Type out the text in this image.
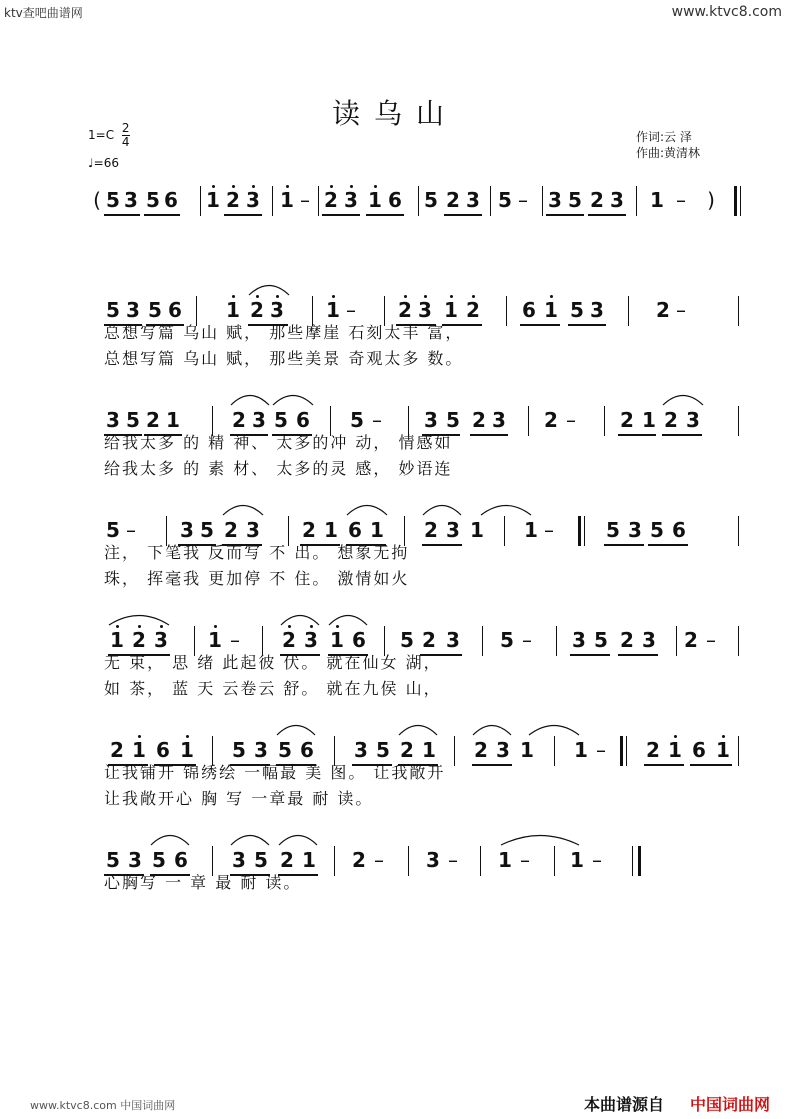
ktv查吧曲谱网	www.ktvc8.com
读乌山
$1=C \frac{2}{4}$
♩=66
作词:云 泽
作曲:黄清林
( 5 3 5 6 1 2 3 1 – 2 3 1 6 5 2 3 5 – 3 5 2 3 1 – )
5 3 5 6 1 2 3 1 – 2 3 1 2 6 1 5 3	2 –
3 5 2 1	2 3 5 6 5 – 3 5 2 3 2 – 2 1 2 3
5 – 3 5 2 3 2 1 6 1 2 3 1 1 –	5 3 5 6
1 2 3 1 – 2 3 1 6 5 2 3 5 – 3 5 2 3 2 –
2 1 6 1 5 3 5 6 3 5 2 1 2 3 1 1 – 2 1 6 1
5 3 5 6 3 5 2 1 2 – 3 – 1 – 1 –
总想写篇 乌山 赋， 那些摩崖 石刻太丰 富，
总想写篇 乌山 赋， 那些美景 奇观太多 数。
给我太多 的 精 神、 太多的冲 动， 情感如
给我太多 的 素 材、 太多的灵 感， 妙语连
注， 下笔我 反而写 不 出。 想象无拘
珠， 挥毫我 更加停 不 住。 激情如火
无 束， 思 绪 此起彼 伏。 就在仙女 湖，
如 茶， 蓝 天 云卷云 舒。 就在九侯 山，
让我铺开 锦绣绘 一幅最 美 图。 让我敞开
让我敞开心 胸 写 一章最 耐 读。
心胸写 一 章 最 耐 读。
www.ktvc8.com 中国词曲网	本曲谱源自 中国词曲网
